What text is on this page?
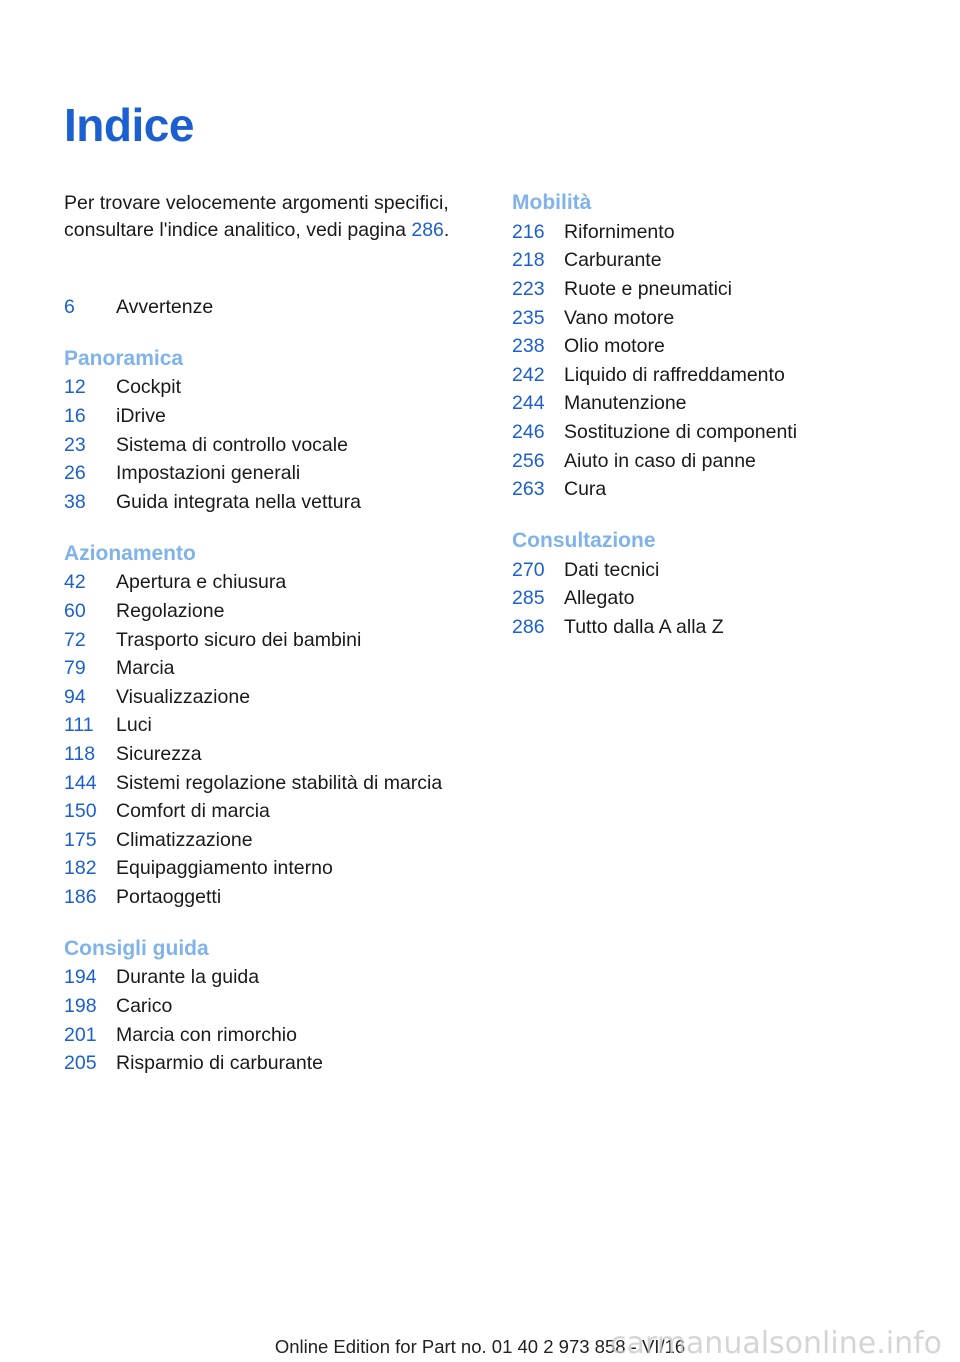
Indice

Per trovare velocemente argomenti specifici, consultare l'indice analitico, vedi pagina 286.

6	Avvertenze
Panoramica
12	Cockpit
16	iDrive
23	Sistema di controllo vocale
26	Impostazioni generali
38	Guida integrata nella vettura
Azionamento
42	Apertura e chiusura
60	Regolazione
72	Trasporto sicuro dei bambini
79	Marcia
94	Visualizzazione
111	Luci
118	Sicurezza
144 Sistemi regolazione stabilità di marcia
150 Comfort di marcia
175 Climatizzazione
182 Equipaggiamento interno
186 Portaoggetti
Consigli guida
194 Durante la guida
198 Carico
201 Marcia con rimorchio
205 Risparmio di carburante
Mobilità
216 Rifornimento
218 Carburante
223 Ruote e pneumatici
235 Vano motore
238 Olio motore
242 Liquido di raffreddamento
244 Manutenzione
246 Sostituzione di componenti
256 Aiuto in caso di panne
263 Cura
Consultazione
270 Dati tecnici
285 Allegato
286 Tutto dalla A alla Z
Online Edition for Part no. 01 40 2 973 858 - VI/16
carmanualsonline.info
